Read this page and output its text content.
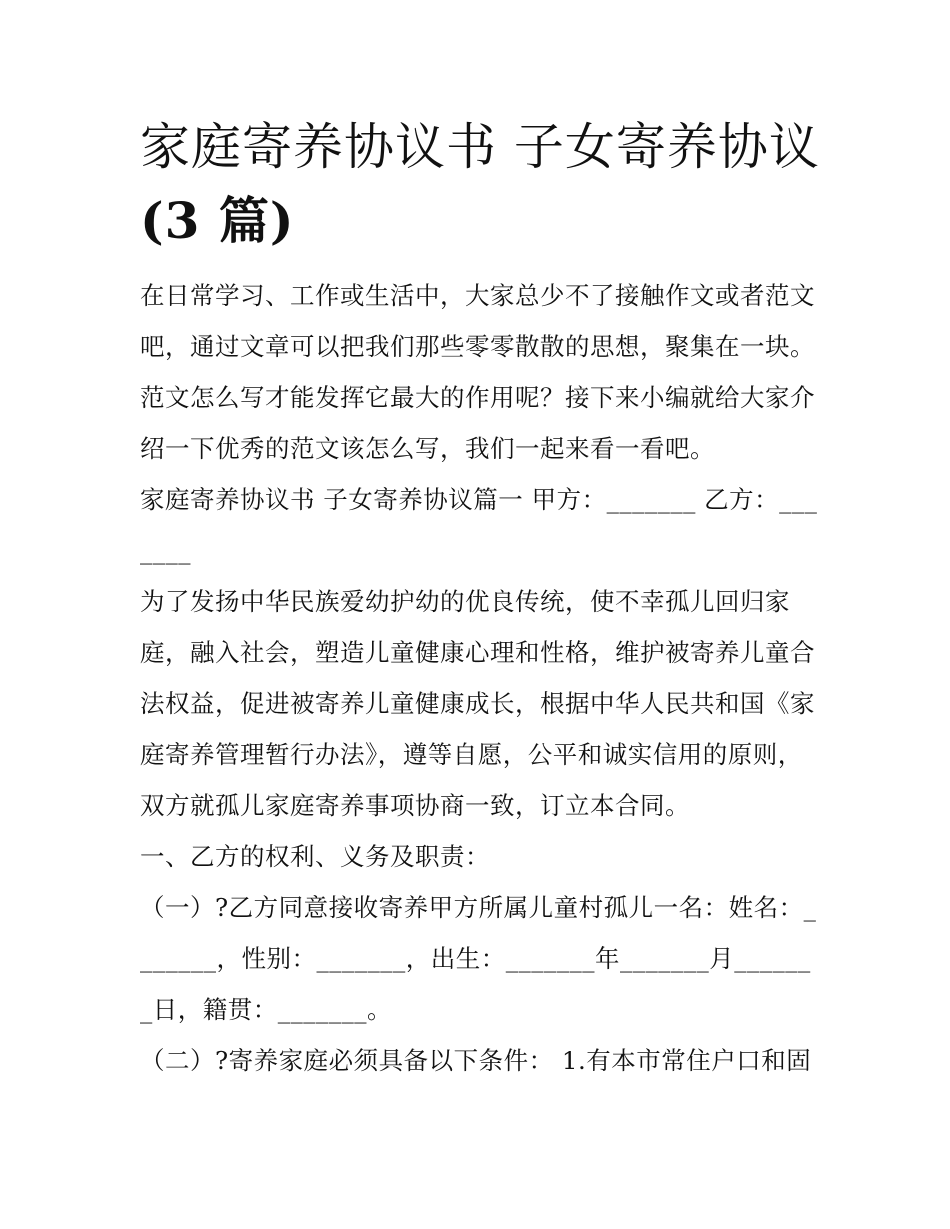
家庭寄养协议书 子女寄养协议
(3 篇)

在日常学习、工作或生活中，大家总少不了接触作文或者范文吧，通过文章可以把我们那些零零散散的思想，聚集在一块。范文怎么写才能发挥它最大的作用呢？接下来小编就给大家介绍一下优秀的范文该怎么写，我们一起来看一看吧。

家庭寄养协议书 子女寄养协议篇一 甲方：_______ 乙方：_______

为了发扬中华民族爱幼护幼的优良传统，使不幸孤儿回归家庭，融入社会，塑造儿童健康心理和性格，维护被寄养儿童合法权益，促进被寄养儿童健康成长，根据中华人民共和国《家庭寄养管理暂行办法》，遵等自愿，公平和诚实信用的原则，双方就孤儿家庭寄养事项协商一致，订立本合同。

一、乙方的权利、义务及职责：

（一）?乙方同意接收寄养甲方所属儿童村孤儿一名：姓名：_______，性别：_______，出生：_______年_______月_______日，籍贯：_______。

（二）?寄养家庭必须具备以下条件： 1.有本市常住户口和固
